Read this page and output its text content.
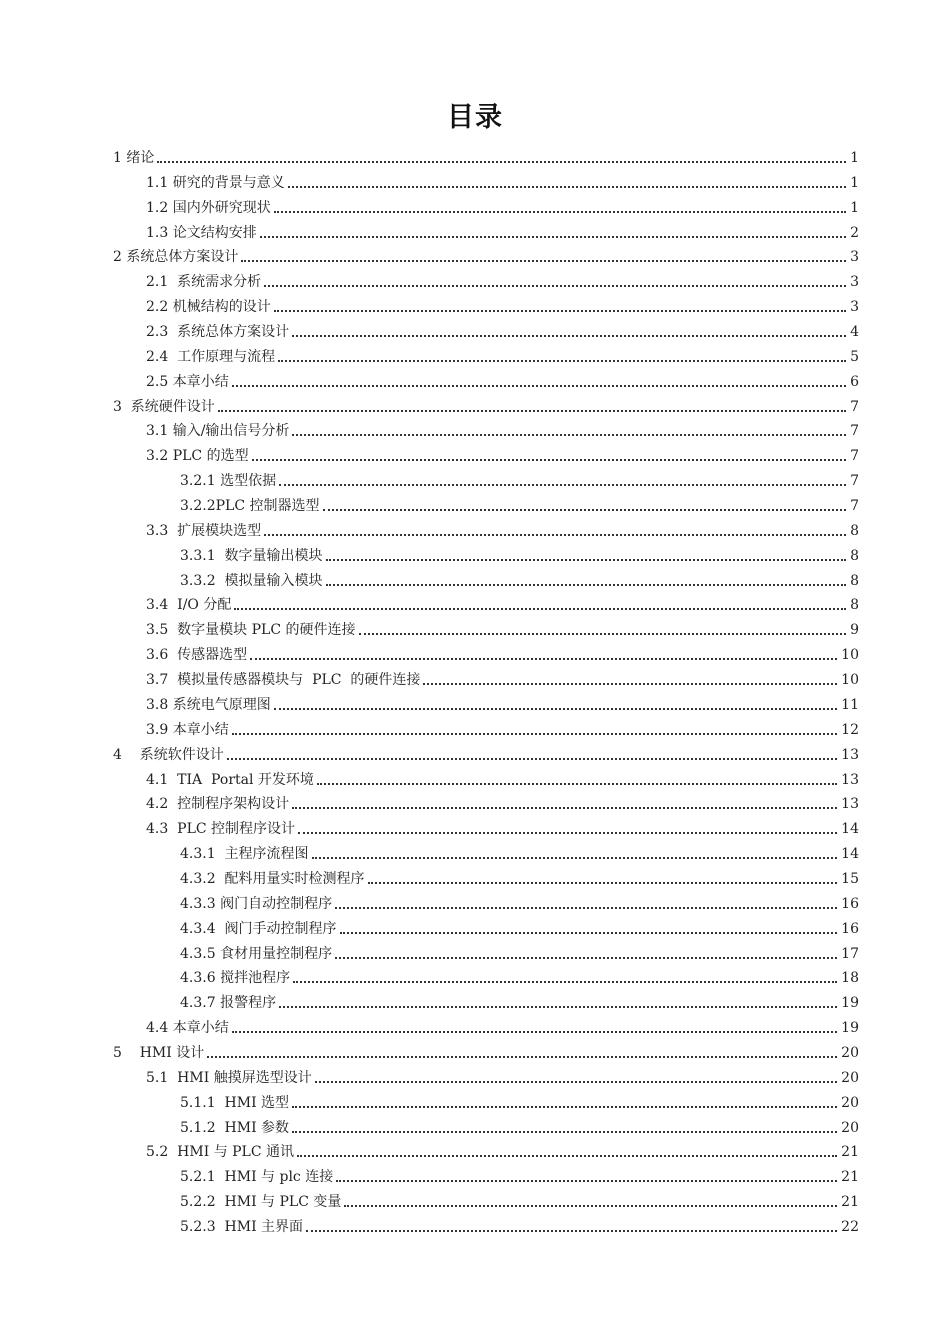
目录
1 绪论	1
1.1 研究的背景与意义	1
1.2 国内外研究现状	1
1.3 论文结构安排	2
2 系统总体方案设计	3
2.1  系统需求分析	3
2.2 机械结构的设计	3
2.3  系统总体方案设计	4
2.4  工作原理与流程	5
2.5 本章小结	6
3  系统硬件设计	7
3.1 输入/输出信号分析	7
3.2 PLC 的选型	7
3.2.1 选型依据	7
3.2.2PLC 控制器选型	7
3.3  扩展模块选型	8
3.3.1  数字量输出模块	8
3.3.2  模拟量输入模块	8
3.4  I/O 分配	8
3.5  数字量模块 PLC 的硬件连接	9
3.6  传感器选型	10
3.7  模拟量传感器模块与  PLC  的硬件连接	10
3.8 系统电气原理图	11
3.9 本章小结	12
4    系统软件设计	13
4.1  TIA  Portal 开发环境	13
4.2  控制程序架构设计	13
4.3  PLC 控制程序设计	14
4.3.1  主程序流程图	14
4.3.2  配料用量实时检测程序	15
4.3.3 阀门自动控制程序	16
4.3.4  阀门手动控制程序	16
4.3.5 食材用量控制程序	17
4.3.6 搅拌池程序	18
4.3.7 报警程序	19
4.4 本章小结	19
5    HMI 设计	20
5.1  HMI 触摸屏选型设计	20
5.1.1  HMI 选型	20
5.1.2  HMI 参数	20
5.2  HMI 与 PLC 通讯	21
5.2.1  HMI 与 plc 连接	21
5.2.2  HMI 与 PLC 变量	21
5.2.3  HMI 主界面	22
